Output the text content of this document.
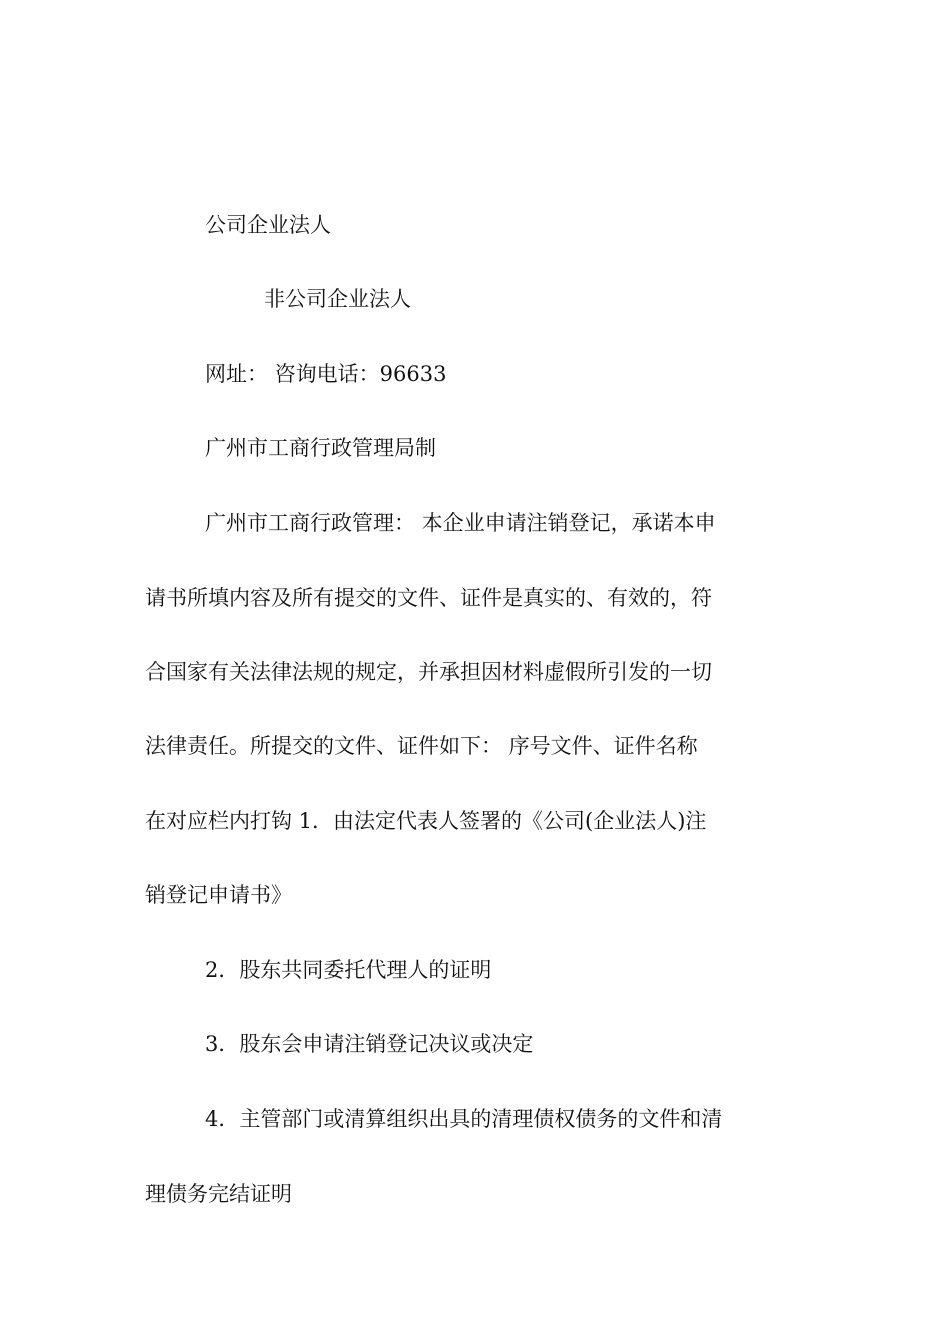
公司企业法人
非公司企业法人
网址： 咨询电话：96633
广州市工商行政管理局制
广州市工商行政管理： 本企业申请注销登记，承诺本申
请书所填内容及所有提交的文件、证件是真实的、有效的，符
合国家有关法律法规的规定，并承担因材料虚假所引发的一切
法律责任。所提交的文件、证件如下： 序号文件、证件名称
在对应栏内打钩 1．由法定代表人签署的《公司(企业法人)注
销登记申请书》
2．股东共同委托代理人的证明
3．股东会申请注销登记决议或决定
4．主管部门或清算组织出具的清理债权债务的文件和清
理债务完结证明
